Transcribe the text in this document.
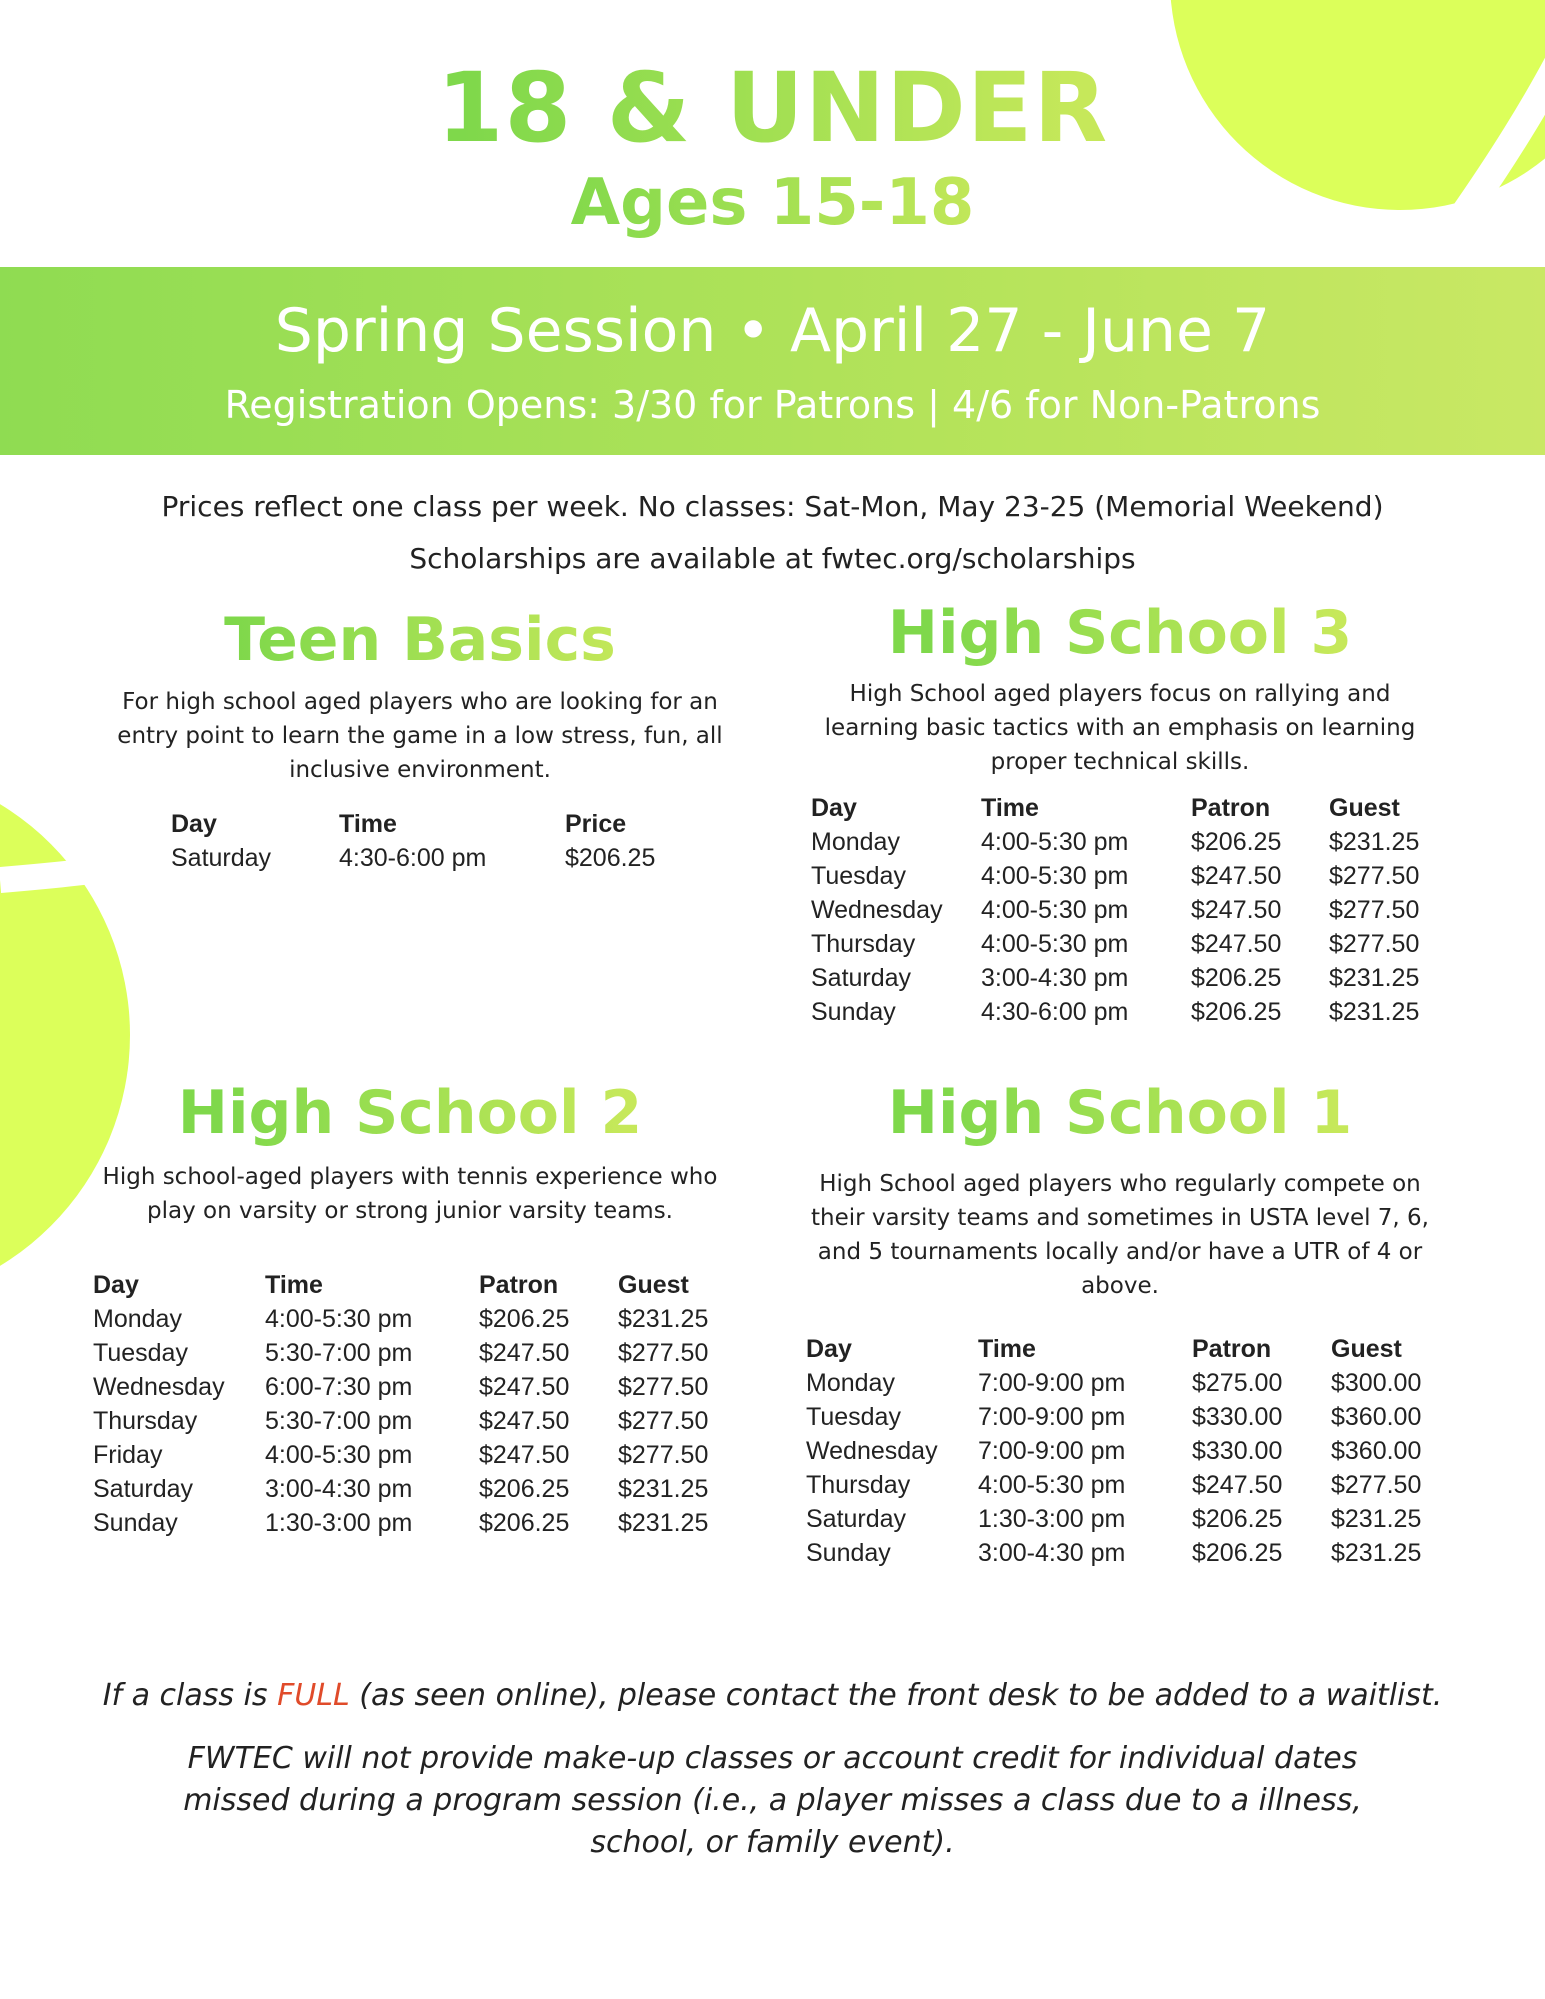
18 & UNDER
Ages 15-18
Spring Session • April 27 - June 7
Registration Opens: 3/30 for Patrons | 4/6 for Non-Patrons
Prices reflect one class per week. No classes: Sat-Mon, May 23-25 (Memorial Weekend)
Scholarships are available at fwtec.org/scholarships
Teen Basics
For high school aged players who are looking for an entry point to learn the game in a low stress, fun, all inclusive environment.
Day	Time	Price
Saturday	4:30-6:00 pm	$206.25
High School 3
High School aged players focus on rallying and learning basic tactics with an emphasis on learning proper technical skills.
Day	Time	Patron	Guest
Monday	4:00-5:30 pm	$206.25	$231.25
Tuesday	4:00-5:30 pm	$247.50	$277.50
Wednesday	4:00-5:30 pm	$247.50	$277.50
Thursday	4:00-5:30 pm	$247.50	$277.50
Saturday	3:00-4:30 pm	$206.25	$231.25
Sunday	4:30-6:00 pm	$206.25	$231.25
High School 2
High school-aged players with tennis experience who play on varsity or strong junior varsity teams.
Day	Time	Patron	Guest
Monday	4:00-5:30 pm	$206.25	$231.25
Tuesday	5:30-7:00 pm	$247.50	$277.50
Wednesday	6:00-7:30 pm	$247.50	$277.50
Thursday	5:30-7:00 pm	$247.50	$277.50
Friday	4:00-5:30 pm	$247.50	$277.50
Saturday	3:00-4:30 pm	$206.25	$231.25
Sunday	1:30-3:00 pm	$206.25	$231.25
High School 1
High School aged players who regularly compete on their varsity teams and sometimes in USTA level 7, 6, and 5 tournaments locally and/or have a UTR of 4 or above.
Day	Time	Patron	Guest
Monday	7:00-9:00 pm	$275.00	$300.00
Tuesday	7:00-9:00 pm	$330.00	$360.00
Wednesday	7:00-9:00 pm	$330.00	$360.00
Thursday	4:00-5:30 pm	$247.50	$277.50
Saturday	1:30-3:00 pm	$206.25	$231.25
Sunday	3:00-4:30 pm	$206.25	$231.25
If a class is FULL (as seen online), please contact the front desk to be added to a waitlist.
FWTEC will not provide make-up classes or account credit for individual dates missed during a program session (i.e., a player misses a class due to a illness, school, or family event).
